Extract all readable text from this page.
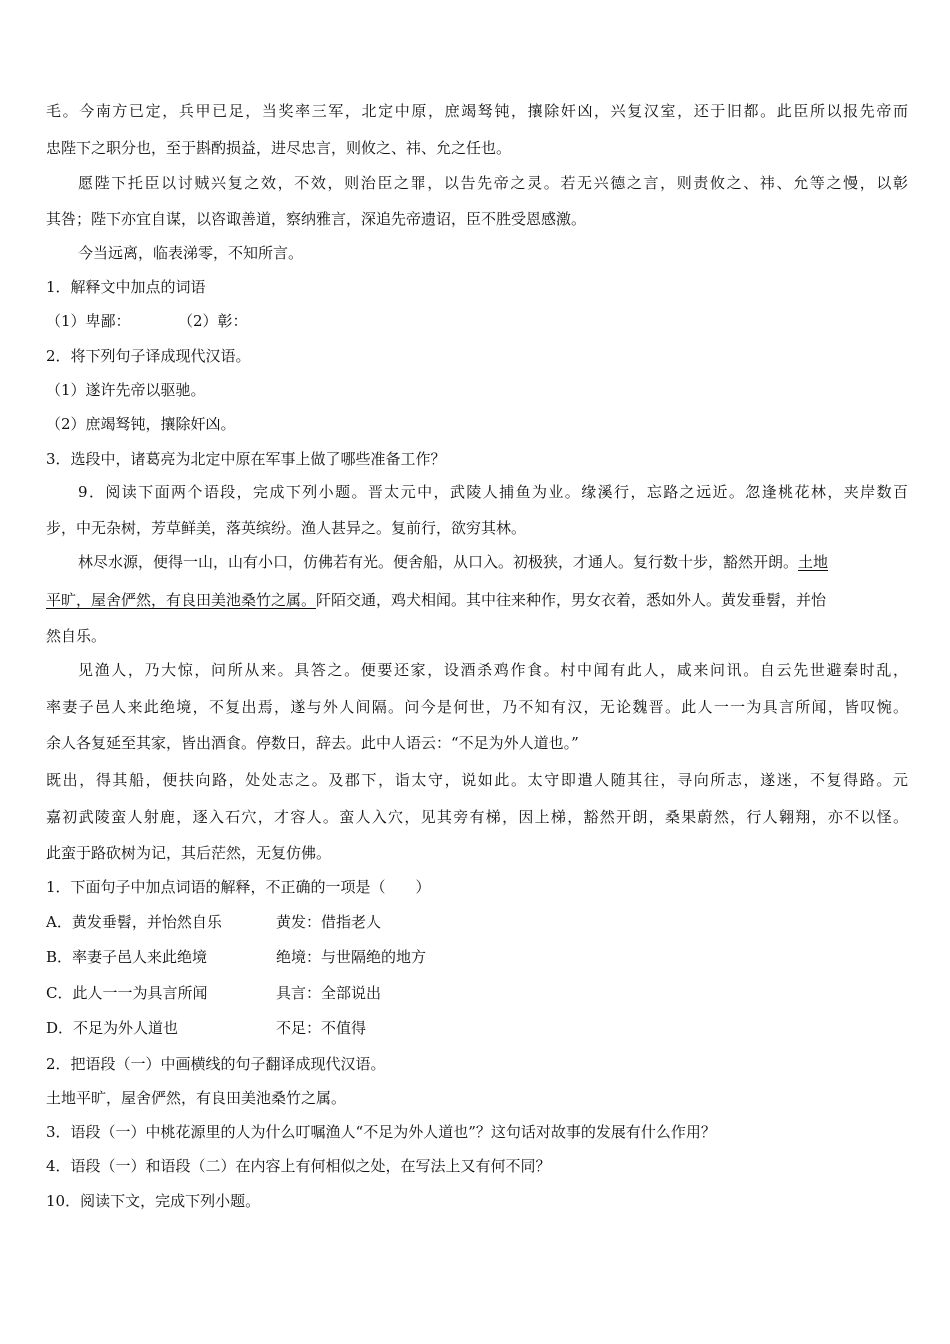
毛。今南方已定，兵甲已足，当奖率三军，北定中原，庶竭驽钝，攘除奸凶，兴复汉室，还于旧都。此臣所以报先帝而
忠陛下之职分也，至于斟酌损益，进尽忠言，则攸之、祎、允之任也。
愿陛下托臣以讨贼兴复之效，不效，则治臣之罪，以告先帝之灵。若无兴德之言，则责攸之、祎、允等之慢，以彰
其咎；陛下亦宜自谋，以咨诹善道，察纳雅言，深追先帝遗诏，臣不胜受恩感激。
今当远离，临表涕零，不知所言。
1．解释文中加点的词语
（1）卑鄙：	（2）彰：
2．将下列句子译成现代汉语。
（1）遂许先帝以驱驰。
（2）庶竭驽钝，攘除奸凶。
3．选段中，诸葛亮为北定中原在军事上做了哪些准备工作？
9．阅读下面两个语段，完成下列小题。晋太元中，武陵人捕鱼为业。缘溪行，忘路之远近。忽逢桃花林，夹岸数百
步，中无杂树，芳草鲜美，落英缤纷。渔人甚异之。复前行，欲穷其林。
林尽水源，便得一山，山有小口，仿佛若有光。便舍船，从口入。初极狭，才通人。复行数十步，豁然开朗。土地
平旷，屋舍俨然，有良田美池桑竹之属。阡陌交通，鸡犬相闻。其中往来种作，男女衣着，悉如外人。黄发垂髫，并怡
然自乐。
见渔人，乃大惊，问所从来。具答之。便要还家，设酒杀鸡作食。村中闻有此人，咸来问讯。自云先世避秦时乱，
率妻子邑人来此绝境，不复出焉，遂与外人间隔。问今是何世，乃不知有汉，无论魏晋。此人一一为具言所闻，皆叹惋。
余人各复延至其家，皆出酒食。停数日，辞去。此中人语云：“不足为外人道也。”
既出，得其船，便扶向路，处处志之。及郡下，诣太守，说如此。太守即遣人随其往，寻向所志，遂迷，不复得路。元
嘉初武陵蛮人射鹿，逐入石穴，才容人。蛮人入穴，见其旁有梯，因上梯，豁然开朗，桑果蔚然，行人翱翔，亦不以怪。
此蛮于路砍树为记，其后茫然，无复仿佛。
1．下面句子中加点词语的解释，不正确的一项是（　　）
A．黄发垂髫，并怡然自乐	黄发：借指老人
B．率妻子邑人来此绝境	绝境：与世隔绝的地方
C．此人一一为具言所闻	具言：全部说出
D．不足为外人道也	不足：不值得
2．把语段（一）中画横线的句子翻译成现代汉语。
土地平旷，屋舍俨然，有良田美池桑竹之属。
3．语段（一）中桃花源里的人为什么叮嘱渔人“不足为外人道也”？这句话对故事的发展有什么作用？
4．语段（一）和语段（二）在内容上有何相似之处，在写法上又有何不同？
10．阅读下文，完成下列小题。
